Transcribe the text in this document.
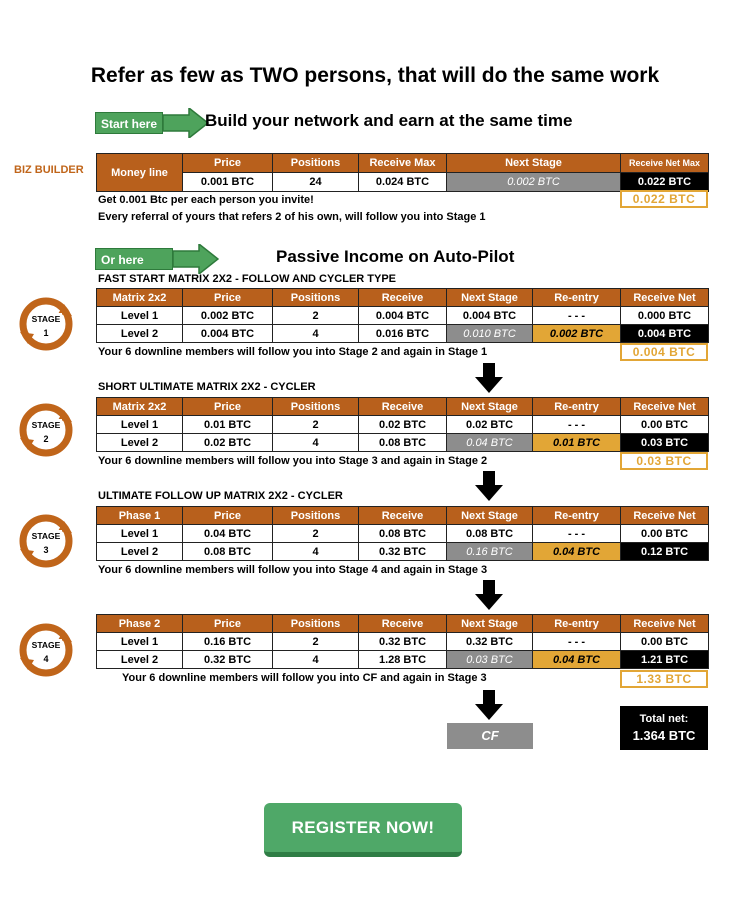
Refer as few as TWO persons, that will do the same work
Start here	Build your network and earn at the same time
BIZ BUILDER Money line	Price	Positions	Receive Max	Next Stage	Receive Net Max
	0.001 BTC	24	0.024 BTC	0.002 BTC	0.022 BTC
Get 0.001 Btc per each person you invite!
Every referral of yours that refers 2 of his own, will follow you into Stage 1
0.022 BTC
Or here	Passive Income on Auto-Pilot
FAST START MATRIX 2X2 - FOLLOW AND CYCLER TYPE
STAGE
1
Matrix 2x2	Price	Positions	Receive	Next Stage	Re-entry	Receive Net
Level 1	0.002 BTC	2	0.004 BTC	0.004 BTC	- - -	0.000 BTC
Level 2	0.004 BTC	4	0.016 BTC	0.010 BTC	0.002 BTC	0.004 BTC
Your 6 downline members will follow you into Stage 2 and again in Stage 1	0.004 BTC
SHORT ULTIMATE MATRIX 2X2 - CYCLER
STAGE
2
Matrix 2x2	Price	Positions	Receive	Next Stage	Re-entry	Receive Net
Level 1	0.01 BTC	2	0.02 BTC	0.02 BTC	- - -	0.00 BTC
Level 2	0.02 BTC	4	0.08 BTC	0.04 BTC	0.01 BTC	0.03 BTC
Your 6 downline members will follow you into Stage 3 and again in Stage 2	0.03 BTC
ULTIMATE FOLLOW UP MATRIX 2X2 - CYCLER
STAGE
3
Phase 1	Price	Positions	Receive	Next Stage	Re-entry	Receive Net
Level 1	0.04 BTC	2	0.08 BTC	0.08 BTC	- - -	0.00 BTC
Level 2	0.08 BTC	4	0.32 BTC	0.16 BTC	0.04 BTC	0.12 BTC
Your 6 downline members will follow you into Stage 4 and again in Stage 3
STAGE
4
Phase 2	Price	Positions	Receive	Next Stage	Re-entry	Receive Net
Level 1	0.16 BTC	2	0.32 BTC	0.32 BTC	- - -	0.00 BTC
Level 2	0.32 BTC	4	1.28 BTC	0.03 BTC	0.04 BTC	1.21 BTC
Your 6 downline members will follow you into CF and again in Stage 3	1.33 BTC
CF
Total net:
1.364 BTC
REGISTER NOW!
